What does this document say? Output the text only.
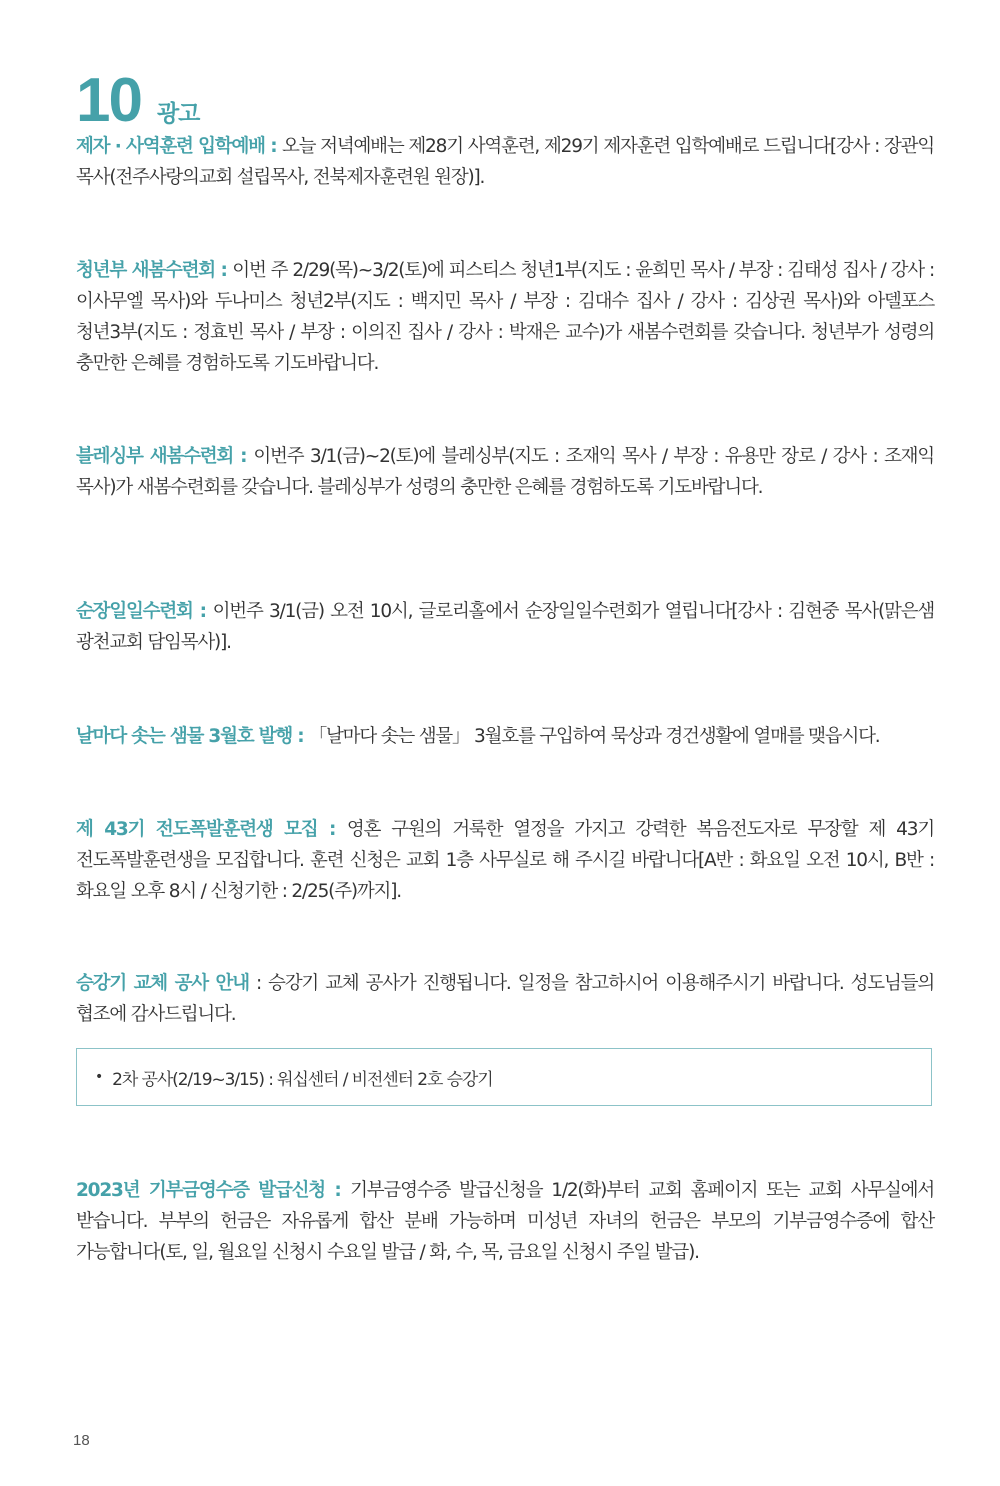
10 광고
제자 · 사역훈련 입학예배 : 오늘 저녁예배는 제28기 사역훈련, 제29기 제자훈련 입학예배로 드립니다[강사 : 장관익 목사(전주사랑의교회 설립목사, 전북제자훈련원 원장)].
청년부 새봄수련회 : 이번 주 2/29(목)~3/2(토)에 피스티스 청년1부(지도 : 윤희민 목사 / 부장 : 김태성 집사 / 강사 : 이사무엘 목사)와 두나미스 청년2부(지도 : 백지민 목사 / 부장 : 김대수 집사 / 강사 : 김상권 목사)와 아델포스 청년3부(지도 : 정효빈 목사 / 부장 : 이의진 집사 / 강사 : 박재은 교수)가 새봄수련회를 갖습니다. 청년부가 성령의 충만한 은혜를 경험하도록 기도바랍니다.
블레싱부 새봄수련회 : 이번주 3/1(금)~2(토)에 블레싱부(지도 : 조재익 목사 / 부장 : 유용만 장로 / 강사 : 조재익 목사)가 새봄수련회를 갖습니다. 블레싱부가 성령의 충만한 은혜를 경험하도록 기도바랍니다.
순장일일수련회 : 이번주 3/1(금) 오전 10시, 글로리홀에서 순장일일수련회가 열립니다[강사 : 김현중 목사(맑은샘 광천교회 담임목사)].
날마다 솟는 샘물 3월호 발행 : 「날마다 솟는 샘물」 3월호를 구입하여 묵상과 경건생활에 열매를 맺읍시다.
제 43기 전도폭발훈련생 모집 : 영혼 구원의 거룩한 열정을 가지고 강력한 복음전도자로 무장할 제 43기 전도폭발훈련생을 모집합니다. 훈련 신청은 교회 1층 사무실로 해 주시길 바랍니다[A반 : 화요일 오전 10시, B반 : 화요일 오후 8시 / 신청기한 : 2/25(주)까지].
승강기 교체 공사 안내 : 승강기 교체 공사가 진행됩니다. 일정을 참고하시어 이용해주시기 바랍니다. 성도님들의 협조에 감사드립니다.
• 2차 공사(2/19~3/15) : 워십센터 / 비전센터 2호 승강기
2023년 기부금영수증 발급신청 : 기부금영수증 발급신청을 1/2(화)부터 교회 홈페이지 또는 교회 사무실에서 받습니다. 부부의 헌금은 자유롭게 합산 분배 가능하며 미성년 자녀의 헌금은 부모의 기부금영수증에 합산 가능합니다(토, 일, 월요일 신청시 수요일 발급 / 화, 수, 목, 금요일 신청시 주일 발급).
18
